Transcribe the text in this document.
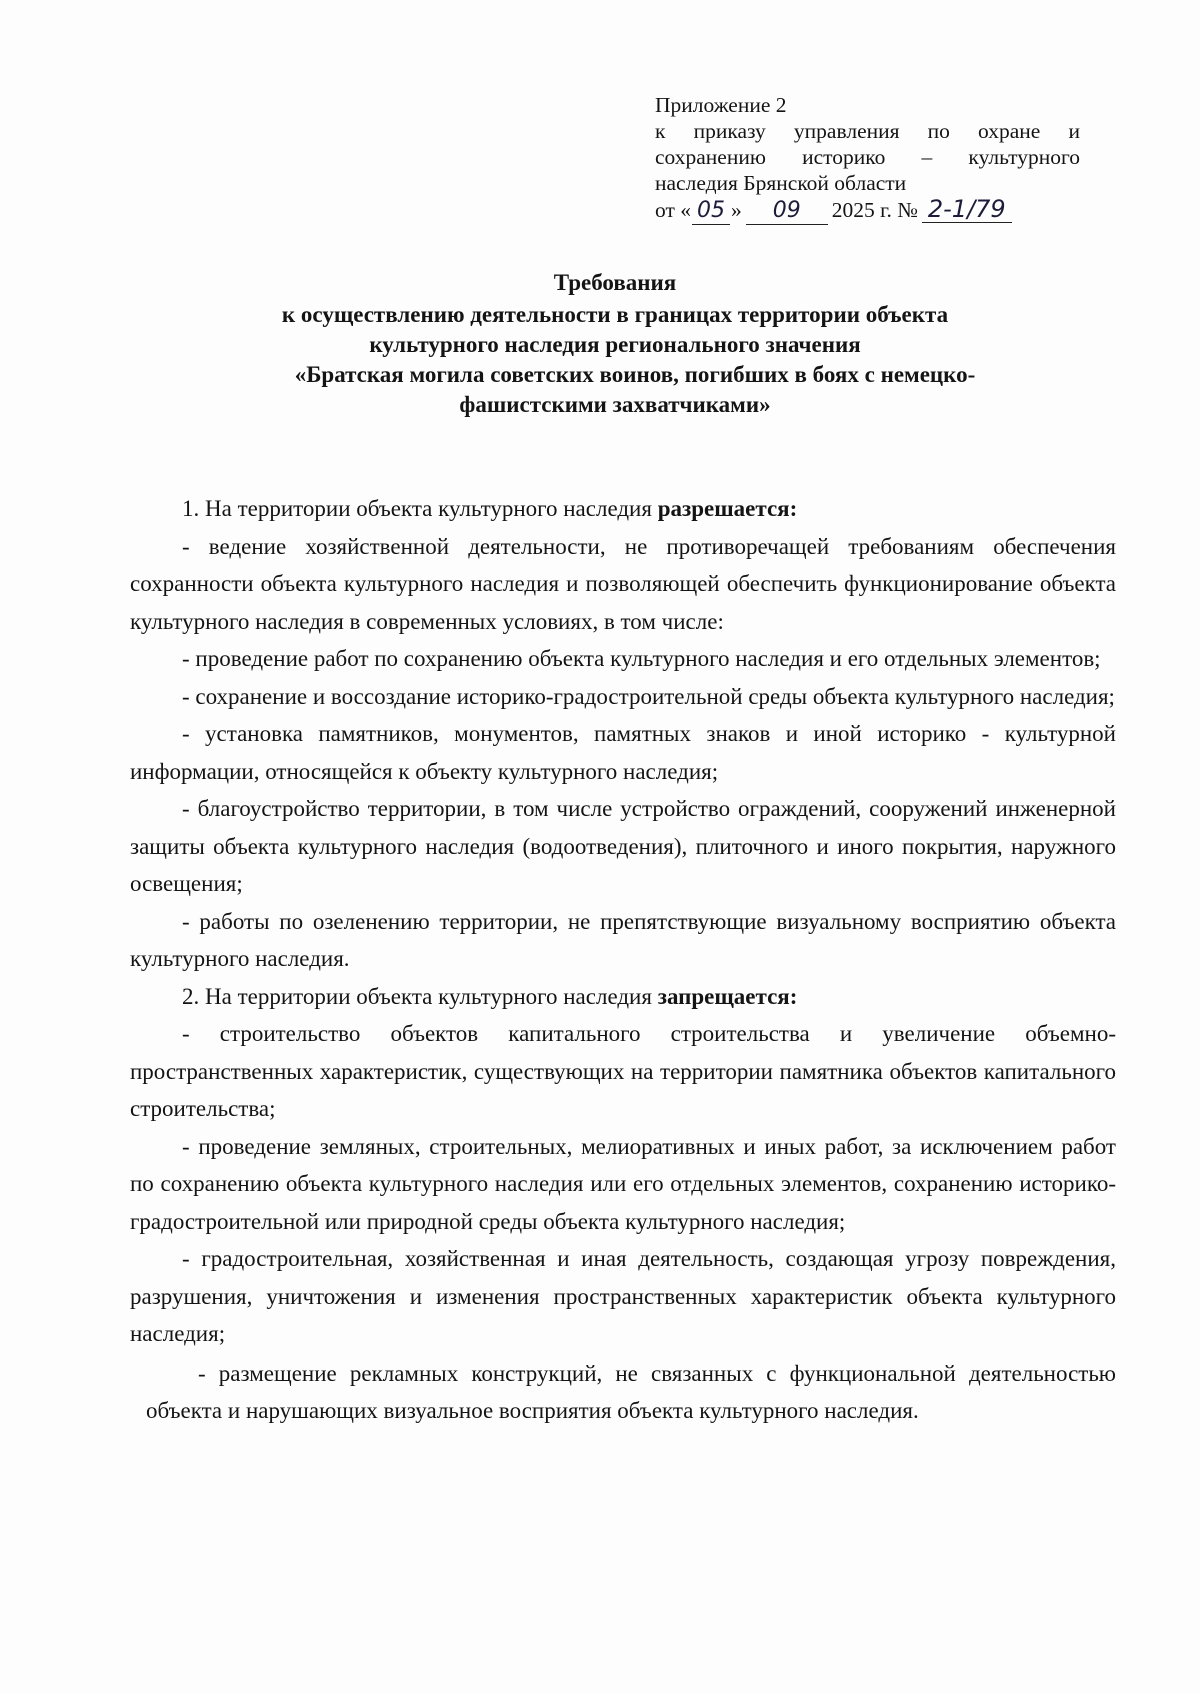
Приложение 2
к приказу управления по охране и
сохранению историко – культурного
наследия Брянской области
от « 05 »	09	2025 г. № 2-1/79
Требования
к осуществлению деятельности в границах территории объекта
культурного наследия регионального значения
«Братская могила советских воинов, погибших в боях с немецко-
фашистскими захватчиками»

1. На территории объекта культурного наследия разрешается:

- ведение хозяйственной деятельности, не противоречащей требованиям обеспечения сохранности объекта культурного наследия и позволяющей обеспечить функционирование объекта культурного наследия в современных условиях, в том числе:

- проведение работ по сохранению объекта культурного наследия и его отдельных элементов;

- сохранение и воссоздание историко-градостроительной среды объекта культурного наследия;

- установка памятников, монументов, памятных знаков и иной историко - культурной информации, относящейся к объекту культурного наследия;

- благоустройство территории, в том числе устройство ограждений, сооружений инженерной защиты объекта культурного наследия (водоотведения), плиточного и иного покрытия, наружного освещения;

- работы по озеленению территории, не препятствующие визуальному восприятию объекта культурного наследия.

2. На территории объекта культурного наследия запрещается:

- строительство объектов капитального строительства и увеличение объемно-пространственных характеристик, существующих на территории памятника объектов капитального строительства;

- проведение земляных, строительных, мелиоративных и иных работ, за исключением работ по сохранению объекта культурного наследия или его отдельных элементов, сохранению историко-градостроительной или природной среды объекта культурного наследия;

- градостроительная, хозяйственная и иная деятельность, создающая угрозу повреждения, разрушения, уничтожения и изменения пространственных характеристик объекта культурного наследия;

- размещение рекламных конструкций, не связанных с функциональной деятельностью объекта и нарушающих визуальное восприятия объекта культурного наследия.
